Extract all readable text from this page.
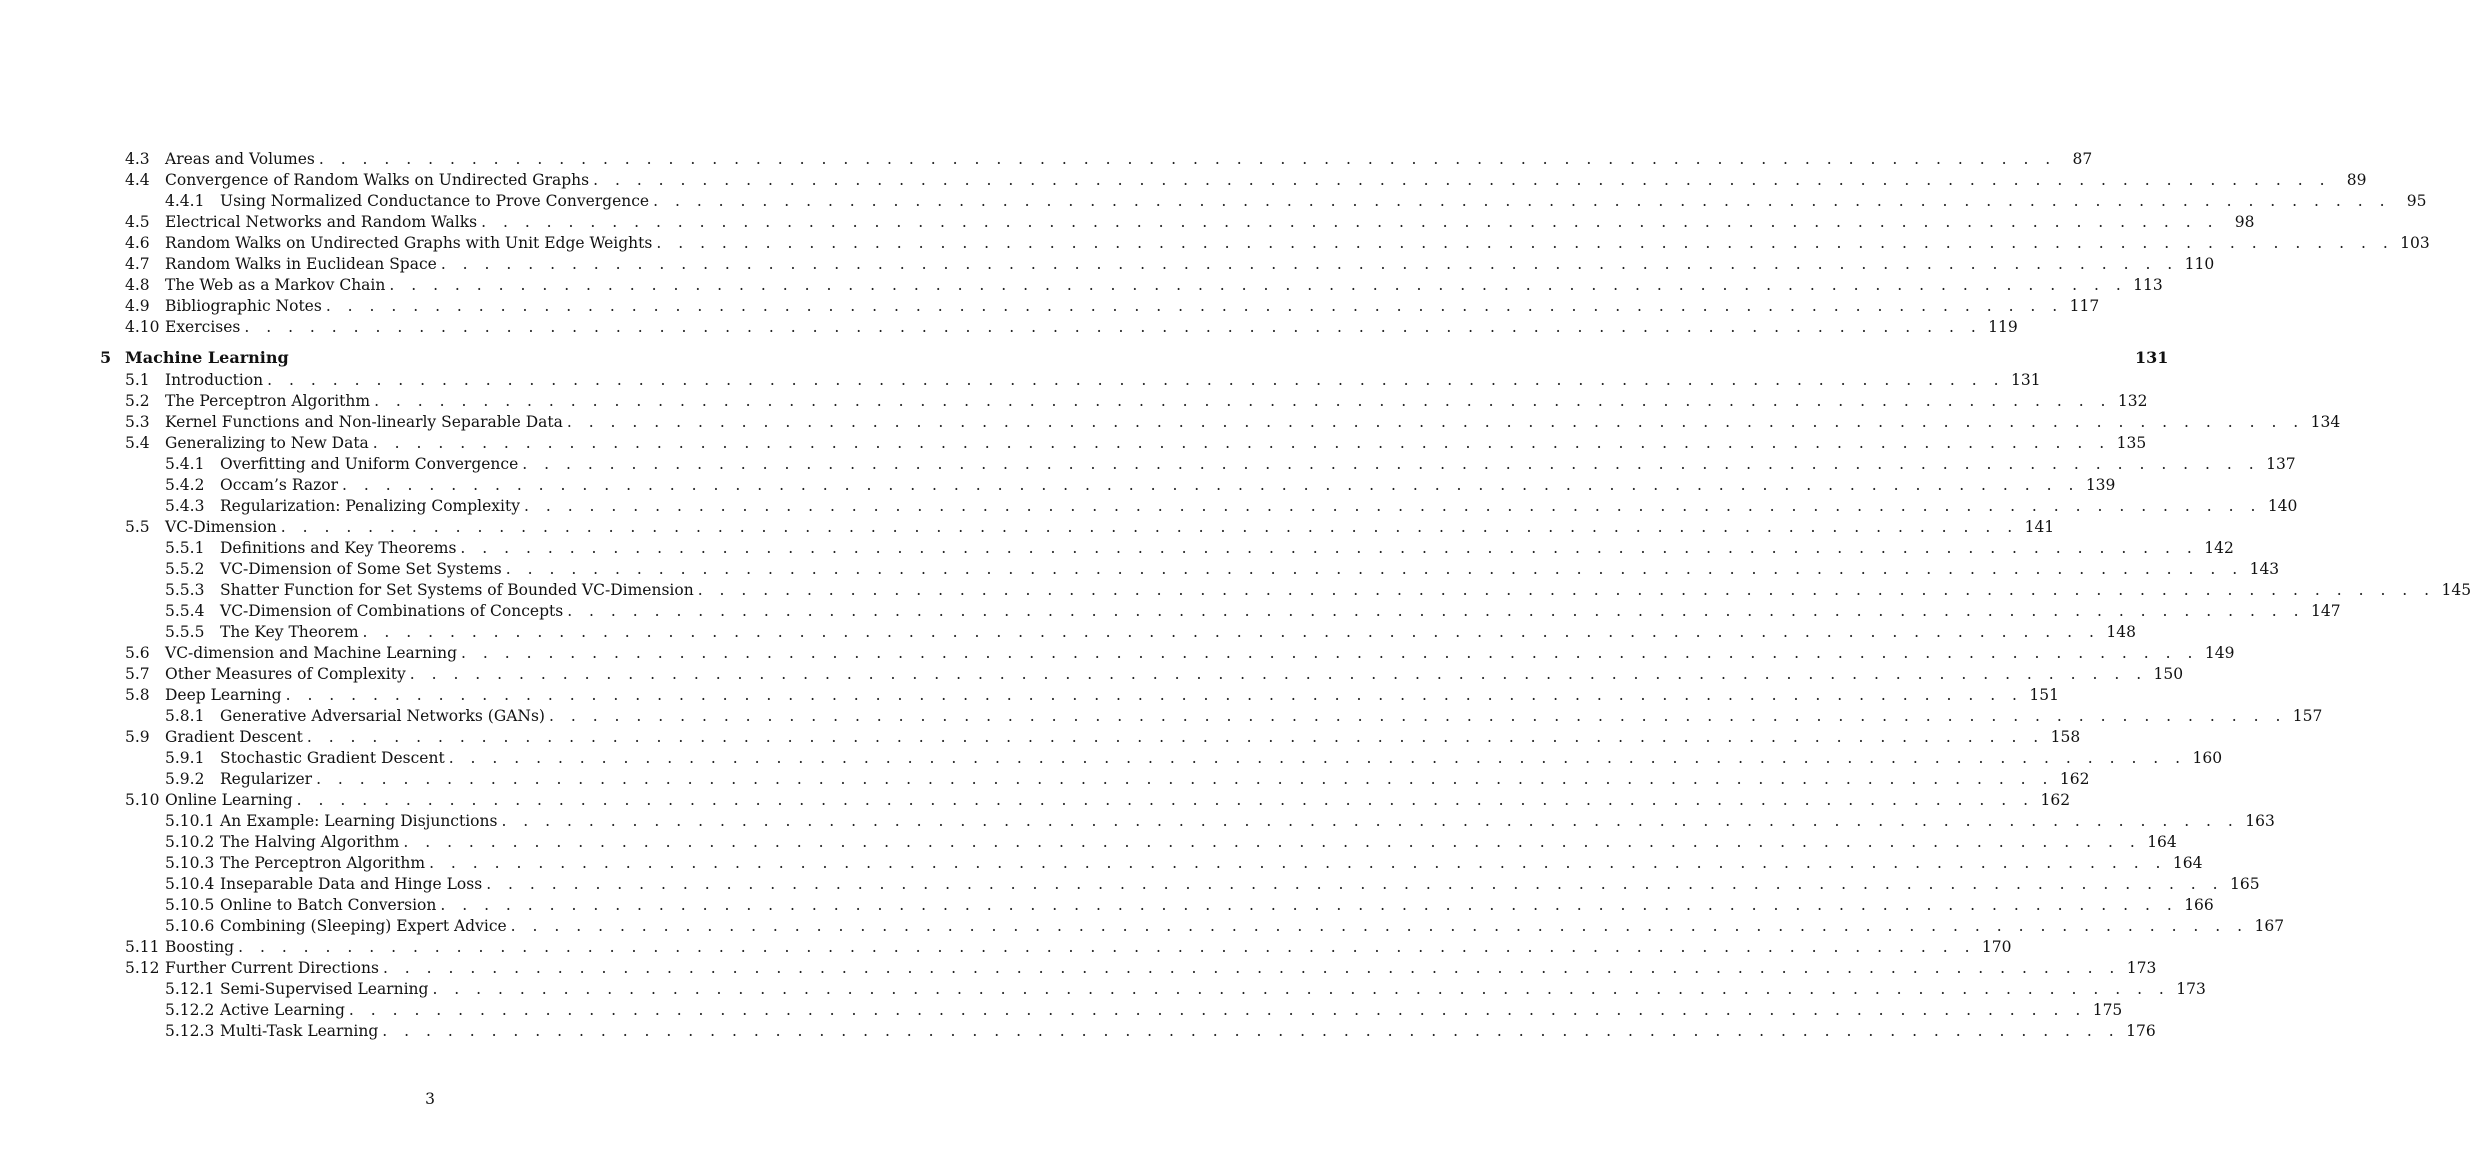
4.3 Areas and Volumes . . . . . . . . . . . . . . . . . . . . . . . . . . . . . . . . . . . . . . . . . . . . . . . . . . . . . . . . . . . . . . . . . . . . . . . . . . . . . . . .	87
4.4 Convergence of Random Walks on Undirected Graphs . . . . . . . . . . . . . . . . . . . . . . . . . . . . . . . . . . . . . . . . . . . . . . . . . . . . . . . . . . . . . . . . . . . . . . . . . . . . . . . .	89
4.4.1 Using Normalized Conductance to Prove Convergence . . . . . . . . . . . . . . . . . . . . . . . . . . . . . . . . . . . . . . . . . . . . . . . . . . . . . . . . . . . . . . . . . . . . . . . . . . . . . . . .	95
4.5 Electrical Networks and Random Walks . . . . . . . . . . . . . . . . . . . . . . . . . . . . . . . . . . . . . . . . . . . . . . . . . . . . . . . . . . . . . . . . . . . . . . . . . . . . . . . .	98
4.6 Random Walks on Undirected Graphs with Unit Edge Weights . . . . . . . . . . . . . . . . . . . . . . . . . . . . . . . . . . . . . . . . . . . . . . . . . . . . . . . . . . . . . . . . . . . . . . . . . . . . . . . . 103
4.7 Random Walks in Euclidean Space . . . . . . . . . . . . . . . . . . . . . . . . . . . . . . . . . . . . . . . . . . . . . . . . . . . . . . . . . . . . . . . . . . . . . . . . . . . . . . . . 110
4.8 The Web as a Markov Chain . . . . . . . . . . . . . . . . . . . . . . . . . . . . . . . . . . . . . . . . . . . . . . . . . . . . . . . . . . . . . . . . . . . . . . . . . . . . . . . . 113
4.9 Bibliographic Notes . . . . . . . . . . . . . . . . . . . . . . . . . . . . . . . . . . . . . . . . . . . . . . . . . . . . . . . . . . . . . . . . . . . . . . . . . . . . . . . . 117
4.10 Exercises . . . . . . . . . . . . . . . . . . . . . . . . . . . . . . . . . . . . . . . . . . . . . . . . . . . . . . . . . . . . . . . . . . . . . . . . . . . . . . . . 119
5 Machine Learning	131
5.1 Introduction . . . . . . . . . . . . . . . . . . . . . . . . . . . . . . . . . . . . . . . . . . . . . . . . . . . . . . . . . . . . . . . . . . . . . . . . . . . . . . . . 131
5.2 The Perceptron Algorithm . . . . . . . . . . . . . . . . . . . . . . . . . . . . . . . . . . . . . . . . . . . . . . . . . . . . . . . . . . . . . . . . . . . . . . . . . . . . . . . . 132
5.3 Kernel Functions and Non-linearly Separable Data . . . . . . . . . . . . . . . . . . . . . . . . . . . . . . . . . . . . . . . . . . . . . . . . . . . . . . . . . . . . . . . . . . . . . . . . . . . . . . . . 134
5.4 Generalizing to New Data . . . . . . . . . . . . . . . . . . . . . . . . . . . . . . . . . . . . . . . . . . . . . . . . . . . . . . . . . . . . . . . . . . . . . . . . . . . . . . . . 135
5.4.1 Overfitting and Uniform Convergence . . . . . . . . . . . . . . . . . . . . . . . . . . . . . . . . . . . . . . . . . . . . . . . . . . . . . . . . . . . . . . . . . . . . . . . . . . . . . . . . 137
5.4.2 Occam’s Razor . . . . . . . . . . . . . . . . . . . . . . . . . . . . . . . . . . . . . . . . . . . . . . . . . . . . . . . . . . . . . . . . . . . . . . . . . . . . . . . . 139
5.4.3 Regularization: Penalizing Complexity . . . . . . . . . . . . . . . . . . . . . . . . . . . . . . . . . . . . . . . . . . . . . . . . . . . . . . . . . . . . . . . . . . . . . . . . . . . . . . . . 140
5.5 VC-Dimension . . . . . . . . . . . . . . . . . . . . . . . . . . . . . . . . . . . . . . . . . . . . . . . . . . . . . . . . . . . . . . . . . . . . . . . . . . . . . . . . 141
5.5.1 Definitions and Key Theorems . . . . . . . . . . . . . . . . . . . . . . . . . . . . . . . . . . . . . . . . . . . . . . . . . . . . . . . . . . . . . . . . . . . . . . . . . . . . . . . . 142
5.5.2 VC-Dimension of Some Set Systems . . . . . . . . . . . . . . . . . . . . . . . . . . . . . . . . . . . . . . . . . . . . . . . . . . . . . . . . . . . . . . . . . . . . . . . . . . . . . . . . 143
5.5.3 Shatter Function for Set Systems of Bounded VC-Dimension . . . . . . . . . . . . . . . . . . . . . . . . . . . . . . . . . . . . . . . . . . . . . . . . . . . . . . . . . . . . . . . . . . . . . . . . . . . . . . . . 145
5.5.4 VC-Dimension of Combinations of Concepts . . . . . . . . . . . . . . . . . . . . . . . . . . . . . . . . . . . . . . . . . . . . . . . . . . . . . . . . . . . . . . . . . . . . . . . . . . . . . . . . 147
5.5.5 The Key Theorem . . . . . . . . . . . . . . . . . . . . . . . . . . . . . . . . . . . . . . . . . . . . . . . . . . . . . . . . . . . . . . . . . . . . . . . . . . . . . . . . 148
5.6 VC-dimension and Machine Learning . . . . . . . . . . . . . . . . . . . . . . . . . . . . . . . . . . . . . . . . . . . . . . . . . . . . . . . . . . . . . . . . . . . . . . . . . . . . . . . . 149
5.7 Other Measures of Complexity . . . . . . . . . . . . . . . . . . . . . . . . . . . . . . . . . . . . . . . . . . . . . . . . . . . . . . . . . . . . . . . . . . . . . . . . . . . . . . . . 150
5.8 Deep Learning . . . . . . . . . . . . . . . . . . . . . . . . . . . . . . . . . . . . . . . . . . . . . . . . . . . . . . . . . . . . . . . . . . . . . . . . . . . . . . . . 151
5.8.1 Generative Adversarial Networks (GANs) . . . . . . . . . . . . . . . . . . . . . . . . . . . . . . . . . . . . . . . . . . . . . . . . . . . . . . . . . . . . . . . . . . . . . . . . . . . . . . . . 157
5.9 Gradient Descent . . . . . . . . . . . . . . . . . . . . . . . . . . . . . . . . . . . . . . . . . . . . . . . . . . . . . . . . . . . . . . . . . . . . . . . . . . . . . . . . 158
5.9.1 Stochastic Gradient Descent . . . . . . . . . . . . . . . . . . . . . . . . . . . . . . . . . . . . . . . . . . . . . . . . . . . . . . . . . . . . . . . . . . . . . . . . . . . . . . . . 160
5.9.2 Regularizer . . . . . . . . . . . . . . . . . . . . . . . . . . . . . . . . . . . . . . . . . . . . . . . . . . . . . . . . . . . . . . . . . . . . . . . . . . . . . . . . 162
5.10 Online Learning . . . . . . . . . . . . . . . . . . . . . . . . . . . . . . . . . . . . . . . . . . . . . . . . . . . . . . . . . . . . . . . . . . . . . . . . . . . . . . . . 162
5.10.1 An Example: Learning Disjunctions . . . . . . . . . . . . . . . . . . . . . . . . . . . . . . . . . . . . . . . . . . . . . . . . . . . . . . . . . . . . . . . . . . . . . . . . . . . . . . . . 163
5.10.2 The Halving Algorithm . . . . . . . . . . . . . . . . . . . . . . . . . . . . . . . . . . . . . . . . . . . . . . . . . . . . . . . . . . . . . . . . . . . . . . . . . . . . . . . . 164
5.10.3 The Perceptron Algorithm . . . . . . . . . . . . . . . . . . . . . . . . . . . . . . . . . . . . . . . . . . . . . . . . . . . . . . . . . . . . . . . . . . . . . . . . . . . . . . . . 164
5.10.4 Inseparable Data and Hinge Loss . . . . . . . . . . . . . . . . . . . . . . . . . . . . . . . . . . . . . . . . . . . . . . . . . . . . . . . . . . . . . . . . . . . . . . . . . . . . . . . . 165
5.10.5 Online to Batch Conversion . . . . . . . . . . . . . . . . . . . . . . . . . . . . . . . . . . . . . . . . . . . . . . . . . . . . . . . . . . . . . . . . . . . . . . . . . . . . . . . . 166
5.10.6 Combining (Sleeping) Expert Advice . . . . . . . . . . . . . . . . . . . . . . . . . . . . . . . . . . . . . . . . . . . . . . . . . . . . . . . . . . . . . . . . . . . . . . . . . . . . . . . . 167
5.11 Boosting . . . . . . . . . . . . . . . . . . . . . . . . . . . . . . . . . . . . . . . . . . . . . . . . . . . . . . . . . . . . . . . . . . . . . . . . . . . . . . . . 170
5.12 Further Current Directions . . . . . . . . . . . . . . . . . . . . . . . . . . . . . . . . . . . . . . . . . . . . . . . . . . . . . . . . . . . . . . . . . . . . . . . . . . . . . . . . 173
5.12.1 Semi-Supervised Learning . . . . . . . . . . . . . . . . . . . . . . . . . . . . . . . . . . . . . . . . . . . . . . . . . . . . . . . . . . . . . . . . . . . . . . . . . . . . . . . . 173
5.12.2 Active Learning . . . . . . . . . . . . . . . . . . . . . . . . . . . . . . . . . . . . . . . . . . . . . . . . . . . . . . . . . . . . . . . . . . . . . . . . . . . . . . . . 175
5.12.3 Multi-Task Learning . . . . . . . . . . . . . . . . . . . . . . . . . . . . . . . . . . . . . . . . . . . . . . . . . . . . . . . . . . . . . . . . . . . . . . . . . . . . . . . . 176
3
